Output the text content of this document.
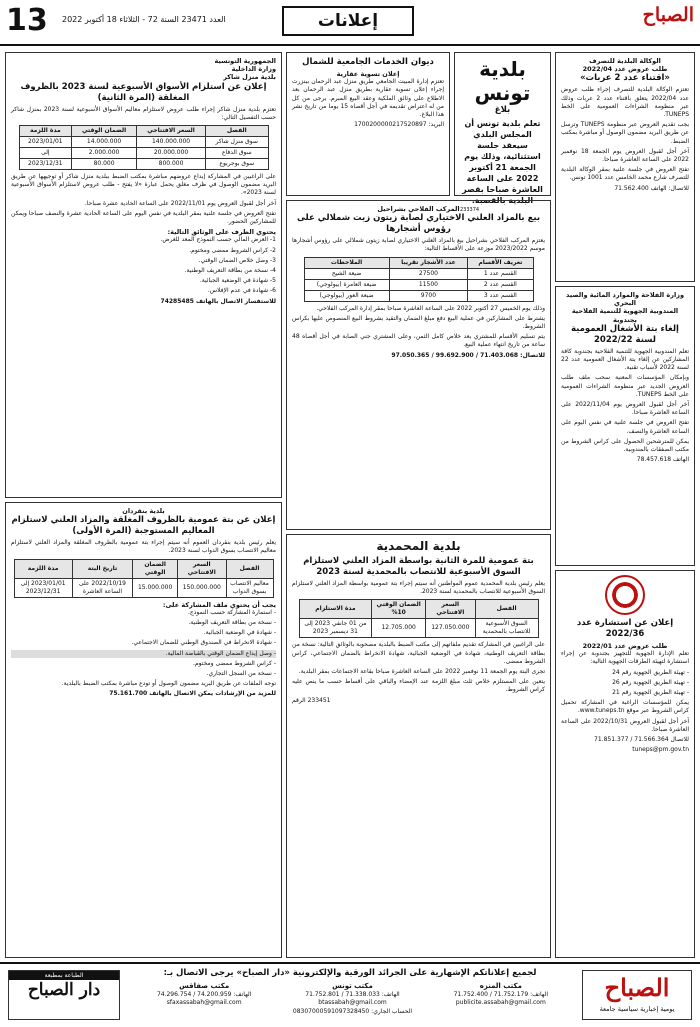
13 العدد 23471 السنة 72 - الثلاثاء 18 أكتوبر 2022	إعلانات	الصباح
الوكالة البلدية للتصرف
طلب عروض عدد 2022/04
«اقتناء عدد 2 عربات»

تعتزم الوكالة البلدية للتصرف إجراء طلب عروض عدد 2022/04 يتعلق باقتناء عدد 2 عربات وذلك عبر منظومة الشراءات العمومية على الخط TUNEPS.

يجب تقديم العروض عبر منظومة TUNEPS وترسل عن طريق البريد مضمون الوصول أو مباشرة بمكتب الضبط.

آخر أجل لقبول العروض يوم الجمعة 18 نوفمبر 2022 على الساعة العاشرة صباحا.

تفتح العروض في جلسة علنية بمقر الوكالة البلدية للتصرف شارع محمد الخامس عدد 1001 تونس.

للاتصال: الهاتف 71.562.400

وزارة الفلاحة والموارد المائية والصيد البحري
المندوبية الجهوية للتنمية الفلاحية بجندوبة
إلغاء بتة الأشغال العمومية لسنة 2022/22

تعلم المندوبية الجهوية للتنمية الفلاحية بجندوبة كافة المشاركين عن إلغاء بتة الأشغال العمومية عدد 22 لسنة 2022 لأسباب تقنية.

وبإمكان المؤسسات المعنية سحب ملف طلب العروض الجديد عبر منظومة الشراءات العمومية على الخط TUNEPS.

آخر أجل لقبول العروض يوم 2022/11/04 على الساعة العاشرة صباحا.

تفتح العروض في جلسة علنية في نفس اليوم على الساعة العاشرة والنصف.

يمكن للمترشحين الحصول على كراس الشروط من مكتب الصفقات بالمندوبية.

الهاتف 78.457.618

إعلان عن استشارة عدد 2022/36
طلب عروض عدد 2022/01

تعلم الإدارة الجهوية للتجهيز بجندوبة عن إجراء استشارة لتهيئة الطرقات الجهوية التالية:

- تهيئة الطريق الجهوية رقم 24

- تهيئة الطريق الجهوية رقم 26

- تهيئة الطريق الجهوية رقم 21

يمكن للمؤسسات الراغبة في المشاركة تحميل كراس الشروط عبر موقع www.tuneps.tn.

آخر أجل لقبول العروض 2022/10/31 على الساعة العاشرة صباحا.

للاتصال 71.566.364 / 71.851.377

tuneps@pm.gov.tn

بلدية تونس
بلاغ
تعلم بلدية تونس أن المجلس البلدي سيعقد جلسة استثنائية، وذلك يوم الجمعة 21 أكتوبر 2022 على الساعة العاشرة صباحا بقصر البلدية بالقصبة.

233374

ديوان الخدمات الجامعية للشمال
إعلان تسوية عقارية

تعتزم إدارة المبيت الجامعي طريق منزل عبد الرحمان ببنزرت إجراء إعلان تسوية عقارية بطريق منزل عبد الرحمان بعد الاطلاع على وثائق الملكية وعقد البيع المبرم. يرجى من كل من له اعتراض تقديمه في أجل أقصاه 15 يوما من تاريخ نشر هذا البلاغ.

البريد: 1700200000217520897

المركب الفلاحي بشراحيل
بيع بالمزاد العلني الاختياري لصابة زيتون زيت شملالي على رؤوس أشجارها

يعتزم المركب الفلاحي بشراحيل بيع بالمزاد العلني الاختياري لصابة زيتون شملالي على رؤوس أشجارها موسم 2023/2022 موزعة على الأقساط التالية:

تعريف الأقسام	عدد الأشجار تقريبا	الملاحظات
القسم عدد 1	27500	ضيعة الشيح
القسم عدد 2	11500	ضيعة العامرة (بيولوجي)
القسم عدد 3	9700	ضيعة العور (بيولوجي)

وذلك يوم الخميس 27 أكتوبر 2022 على الساعة العاشرة صباحا بمقر إدارة المركب الفلاحي.

يشترط على المشاركين في عملية البيع دفع مبلغ الضمان والتقيد بشروط البيع المنصوص عليها بكراس الشروط.

يتم تسليم الأقسام للمشتري بعد خلاص كامل الثمن، وعلى المشتري جني الصابة في أجل أقصاه 48 ساعة من تاريخ انتهاء عملية البيع.

للاتصال: 71.403.068 / 99.692.900 / 97.050.365

بلدية المحمدية
بتة عمومية للمرة الثانية بواسطة المزاد العلني لاستلزام السوق الأسبوعية للانتصاب بالمحمدية لسنة 2023

يعلم رئيس بلدية المحمدية عموم المواطنين أنه سيتم إجراء بتة عمومية بواسطة المزاد العلني لاستلزام السوق الأسبوعية للانتصاب بالمحمدية لسنة 2023.

الفصل	السعر الافتتاحي	الضمان الوقتي 10%	مدة الاستلزام
السوق الأسبوعية للانتصاب بالمحمدية	127.050.000	12.705.000	من 01 جانفي 2023 إلى 31 ديسمبر 2023

على الراغبين في المشاركة تقديم ملفاتهم إلى مكتب الضبط بالبلدية مصحوبة بالوثائق التالية: نسخة من بطاقة التعريف الوطنية، شهادة في الوضعية الجبائية، شهادة الانخراط بالضمان الاجتماعي، كراس الشروط ممضى.

تجرى البتة يوم الجمعة 11 نوفمبر 2022 على الساعة العاشرة صباحا بقاعة الاجتماعات بمقر البلدية.

يتعين على المستلزم خلاص ثلث مبلغ اللزمة عند الإمضاء والباقي على أقساط حسب ما ينص عليه كراس الشروط.

233451 الرقم

الجمهورية التونسية
وزارة الداخلية
بلدية منزل شاكر
إعلان عن استلزام الأسواق الأسبوعية لسنة 2023 بالظروف المغلقة (المرة الثانية)

تعتزم بلدية منزل شاكر إجراء طلب عروض لاستلزام معاليم الأسواق الأسبوعية لسنة 2023 بمنزل شاكر حسب التفصيل التالي:

الفصل	السعر الافتتاحي	الضمان الوقتي	مدة اللزمة
سوق منزل شاكر	140.000.000	14.000.000	2023/01/01
سوق الدفاع	20.000.000	2.000.000	إلى
سوق بوجربوع	800.000	80.000	2023/12/31

على الراغبين في المشاركة إيداع عروضهم مباشرة بمكتب الضبط ببلدية منزل شاكر أو توجيهها عن طريق البريد مضمون الوصول في ظرف مغلق يحمل عبارة «لا يفتح - طلب عروض لاستلزام الأسواق الأسبوعية لسنة 2023».

آخر أجل لقبول العروض يوم 2022/11/01 على الساعة الحادية عشرة صباحا.

تفتح العروض في جلسة علنية بمقر البلدية في نفس اليوم على الساعة الحادية عشرة والنصف صباحا ويمكن للمشاركين الحضور.

يحتوي الظرف على الوثائق التالية:

1- العرض المالي حسب النموذج المعد للغرض.

2- كراس الشروط ممضى ومختوم.

3- وصل خلاص الضمان الوقتي.

4- نسخة من بطاقة التعريف الوطنية.

5- شهادة في الوضعية الجبائية.

6- شهادة في عدم الإفلاس.

للاستفسار الاتصال بالهاتف 74285485

بلدية بنقردان
إعلان عن بتة عمومية بالظروف المغلقة والمزاد العلني لاستلزام المعاليم المستوجبة (المرة الأولى)

يعلم رئيس بلدية بنقردان العموم أنه سيتم إجراء بتة عمومية بالظروف المغلقة والمزاد العلني لاستلزام معاليم الانتصاب بسوق الدواب لسنة 2023.

الفصل	السعر الافتتاحي	الضمان الوقتي	تاريخ البتة	مدة اللزمة
معاليم الانتصاب بسوق الدواب	150.000.000	15.000.000	2022/10/19 على الساعة العاشرة	2023/01/01 إلى 2023/12/31
يجب أن يحتوي ملف المشاركة على:

- استمارة المشاركة حسب النموذج.

- نسخة من بطاقة التعريف الوطنية.

- شهادة في الوضعية الجبائية.

- شهادة الانخراط في الصندوق الوطني للضمان الاجتماعي.

- وصل إيداع الضمان الوقتي بالقباضة المالية.

- كراس الشروط ممضى ومختوم.

- نسخة من السجل التجاري.

توجه الملفات عن طريق البريد مضمون الوصول أو تودع مباشرة بمكتب الضبط بالبلدية.

للمزيد من الإرشادات يمكن الاتصال بالهاتف 75.161.700

الصباح
يومية إخبارية سياسية جامعة
لجميع إعلاناتكم الإشهارية على الجرائد الورقية والإلكترونية «دار الصباح» يرجى الاتصال بـ:
مكتب المنزه
الهاتف: 71.752.179 / 71.752.400
publicite.assabah@gmail.com
مكتب تونس
الهاتف: 71.338.033 / 71.752.801
btassabah@gmail.com
الحساب الجاري: 08307000591097328450
مكتب صفاقس
الهاتف: 74.200.959 / 74.296.754
sfaxassabah@gmail.com
الطباعة بمطبعة
دار الصباح
